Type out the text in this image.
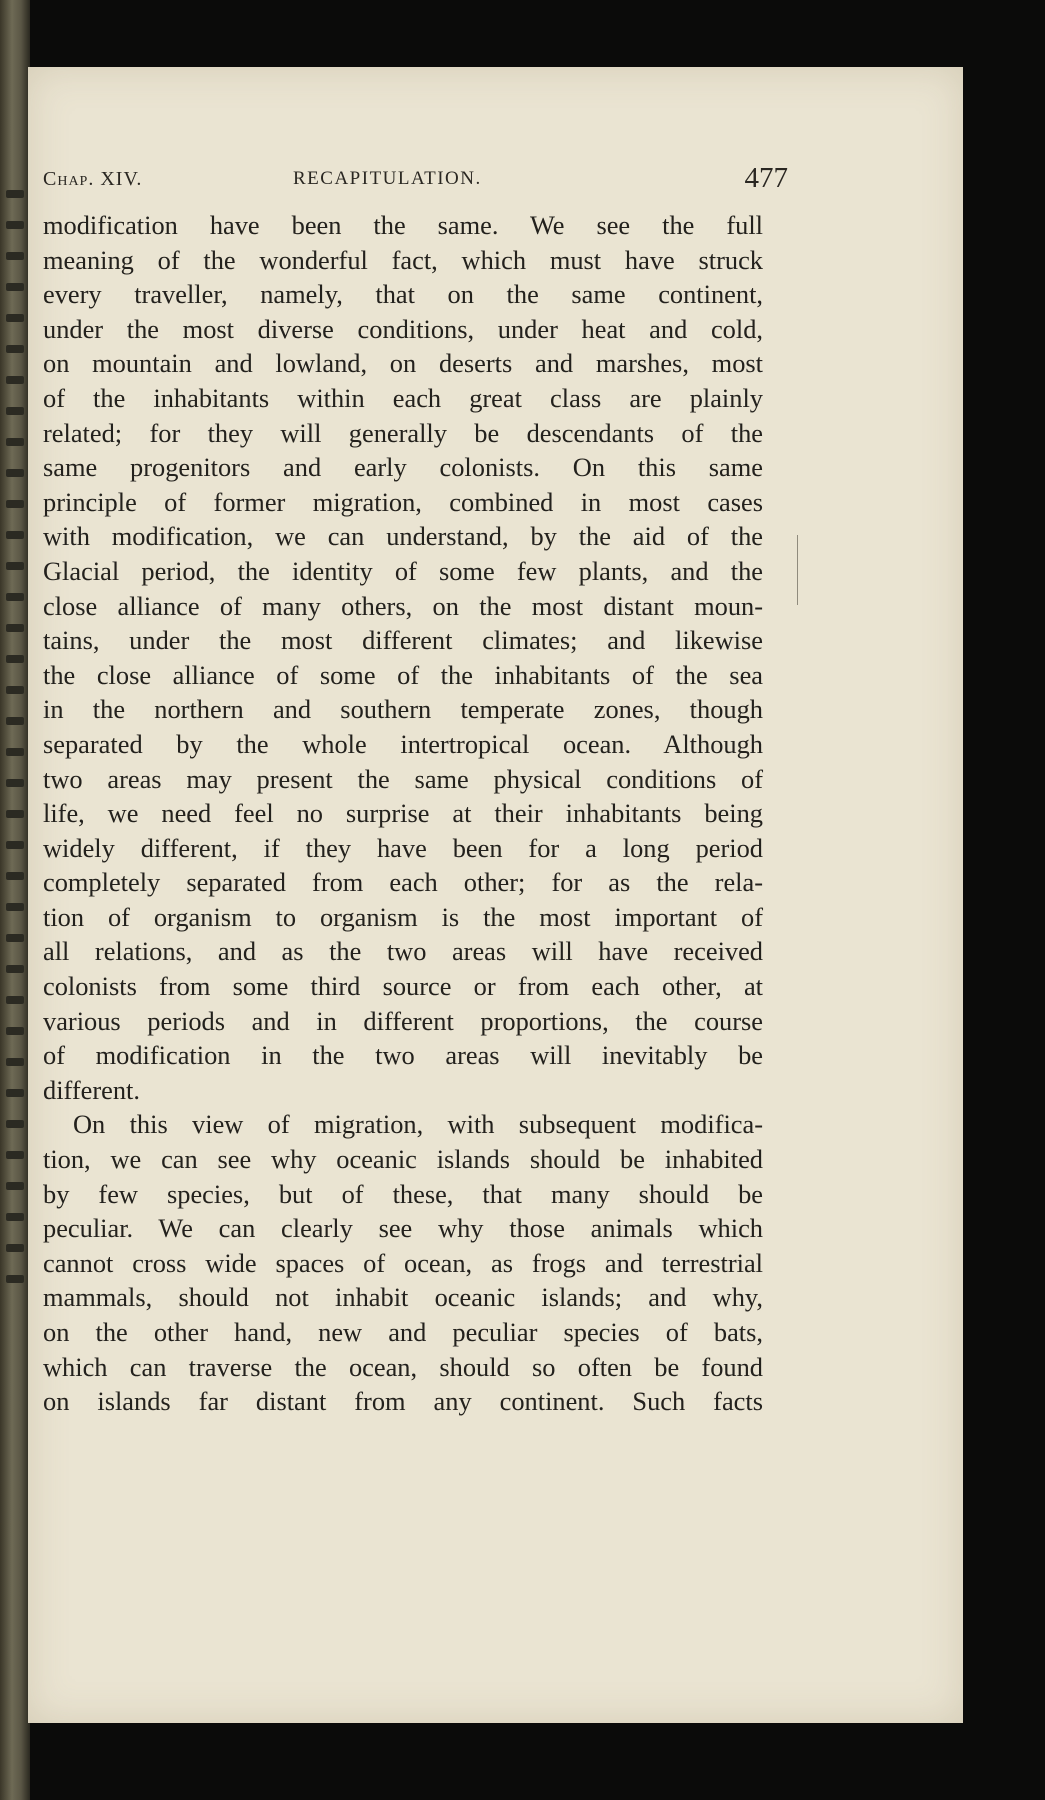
Chap. XIV.	RECAPITULATION.	477
modification have been the same. We see the full
meaning of the wonderful fact, which must have struck
every traveller, namely, that on the same continent,
under the most diverse conditions, under heat and cold,
on mountain and lowland, on deserts and marshes, most
of the inhabitants within each great class are plainly
related; for they will generally be descendants of the
same progenitors and early colonists. On this same
principle of former migration, combined in most cases
with modification, we can understand, by the aid of the
Glacial period, the identity of some few plants, and the
close alliance of many others, on the most distant moun-
tains, under the most different climates; and likewise
the close alliance of some of the inhabitants of the sea
in the northern and southern temperate zones, though
separated by the whole intertropical ocean. Although
two areas may present the same physical conditions of
life, we need feel no surprise at their inhabitants being
widely different, if they have been for a long period
completely separated from each other; for as the rela-
tion of organism to organism is the most important of
all relations, and as the two areas will have received
colonists from some third source or from each other, at
various periods and in different proportions, the course
of modification in the two areas will inevitably be
different.
On this view of migration, with subsequent modifica-
tion, we can see why oceanic islands should be inhabited
by few species, but of these, that many should be
peculiar. We can clearly see why those animals which
cannot cross wide spaces of ocean, as frogs and terrestrial
mammals, should not inhabit oceanic islands; and why,
on the other hand, new and peculiar species of bats,
which can traverse the ocean, should so often be found
on islands far distant from any continent. Such facts
